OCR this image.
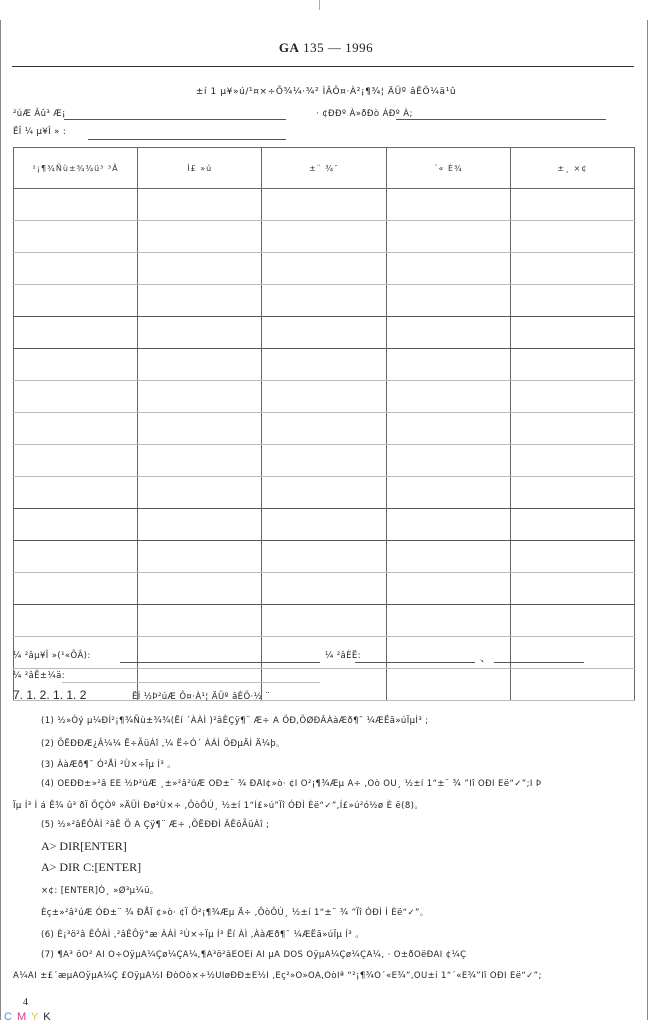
GA 135 — 1996
±í 1 µ¥»ú/¹¤×÷Õ¾¼·¾² ÌÂÔ¤·À²¡¶¾¦ ÄÜº âÊÖ¼ä¹û
²úÆ Âû³ Æ¡	· ¢ÐÐº À»ðÐò ÁÐº À;
ËÎ ¼ µ¥Î » :
²¡¶¾Ñù±¾¾ü³ ³Â	Ì£ »ú	±¨ ¾¯	´« È¾	±¸ ×¢

¼ ²âµ¥Î »(¹«ÕÂ):	¼ ²âÈË:	、
¼ ²âÊ±¼ä:
7. 1. 2. 1. 1. 2	ËÍ ½Þ²úÆ Ô¤·À¹¦ ÄÜº âÊÖ·½ ¨
(1) ½»Òý µ¼ÐÍ²¡¶¾Ñù±¾¾(Ëí ´ÀÀÌ )²âÊÇÿ¶¨ Æ÷ A ÖÐ,ÖØÐÂÀàÆð¶¯ ¼ÆËã»úÏµÍ³ ;
(2) ÕËÐÐÆ¿Â¼¼ Ë÷ÃüÁî ,¼ Ë÷Ó´ ÀÁÌ ÖÐµÄÌ Ä¼þ。
(3) ÀàÆð¶¯ Ó²ÅÌ ²Ù×÷Ïµ Í³ 。
(4) ÕËÐÐ±»²â ÊÈ ½Þ²úÆ ¸±»²â²úÆ ÓÐ±¨ ¾ ÐÅÏ¢»ò· ¢Ï Ö²¡¶¾Æµ Ä÷ ,Ôò ÔÚ¸ ½±í 1“±¨ ¾ ”Ïî ÓÐÌ Èë“✓”;Î Þ
Ïµ Í³ Ì á Ê¾ û³ ðÏ ÕÇÒº »ÄÜÌ Ðø²Ù×÷ ,ÔòÔÚ¸ ½±í 1“Í£»ú”Ïî ÓÐÌ Èë“✓”,Í£»ú²ó½ø È ë(8)。
(5) ½»²âÊÔÀÌ ²âÊ Ö A Çÿ¶¨ Æ÷ ,ÕËÐÐÌ ÂÊöÃüÁî ;
A> DIR[ENTER]
A> DIR C:[ENTER]
×¢: [ENTER]Ò¸ »Ø³µ¼ü。
Èç±»²â²úÆ ÓÐ±¨ ¾ ÐÅÏ ¢»ò· ¢Ï Ö²¡¶¾Æµ Ä÷ ,ÔòÔÚ¸ ½±í 1“±¨ ¾ ”Ïî ÓÐÌ Ì Èë“✓”。
(6) È¡³ö²â ÊÔÀÌ ,²âÊÔÿ°æ ÀÁÌ ²Ù×÷Ïµ Í³ Ëí ÀÌ ,ÀàÆð¶¯ ¼ÆËã»úÏµ Í³ 。
(7) ¶Á³ öÓ² ÀÌ Ö÷ÓÿµÄ¼Çø¼ÇÂ¼,¶Á³ö²âÊÔÈí ÀÌ µÄ DOS ÒÿµÄ¼Çø¼ÇÂ¼, · Ö±ðÓëÐÀÎ ¢¼Ç
Â¼ÀÌ ±£´æµÄÒÿµÄ¼Ç £ÒÿµÄ½Ì ÐòÒò×÷½ÜÍøÐÐ±È½Ï ,Èç²»Ò»ÖÂ,ÔòÍª “²¡¶¾Õ´«È¾”,ÔÚ±í 1“´«È¾”Ïî ÓÐÌ Èë“✓”;
4
C M Y K
